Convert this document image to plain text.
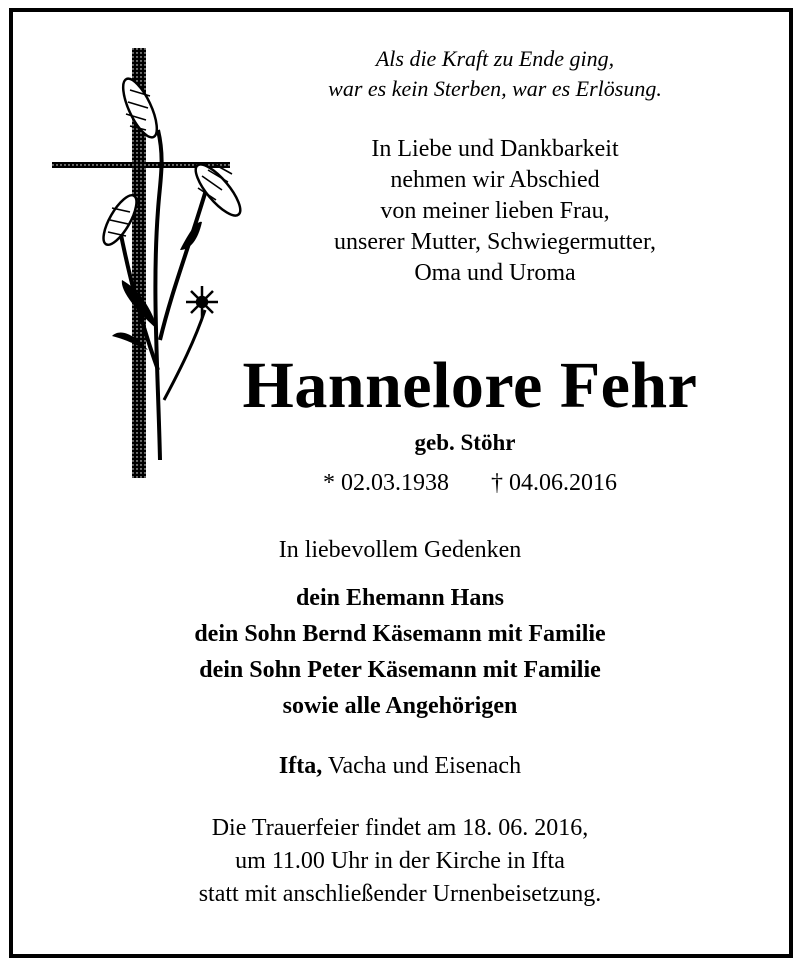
Als die Kraft zu Ende ging,
war es kein Sterben, war es Erlösung.
In Liebe und Dankbarkeit
nehmen wir Abschied
von meiner lieben Frau,
unserer Mutter, Schwiegermutter,
Oma und Uroma
Hannelore Fehr
geb. Stöhr
* 02.03.1938 † 04.06.2016
In liebevollem Gedenken
dein Ehemann Hans
dein Sohn Bernd Käsemann mit Familie
dein Sohn Peter Käsemann mit Familie
sowie alle Angehörigen
Ifta, Vacha und Eisenach
Die Trauerfeier findet am 18. 06. 2016,
um 11.00 Uhr in der Kirche in Ifta
statt mit anschließender Urnenbeisetzung.
